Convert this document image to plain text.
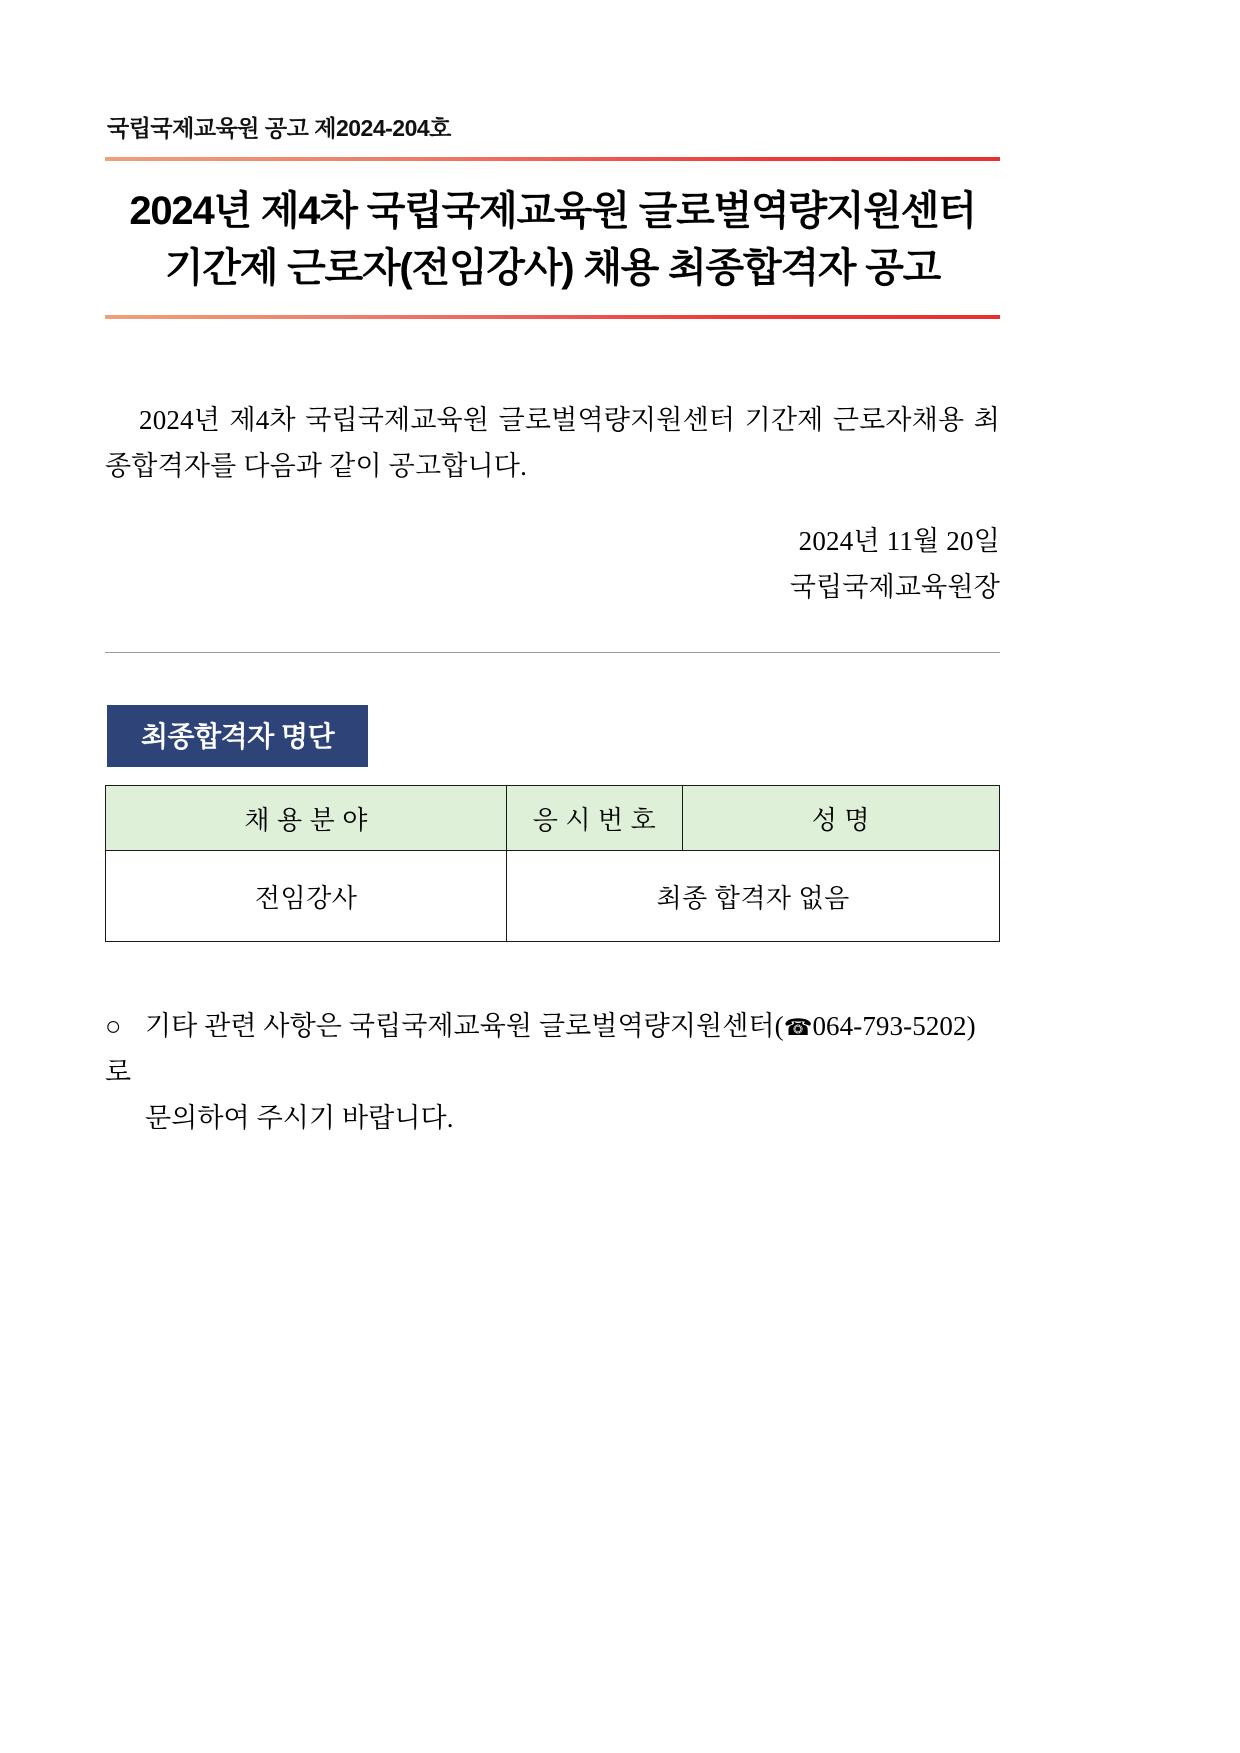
국립국제교육원 공고 제2024-204호
2024년 제4차 국립국제교육원 글로벌역량지원센터
기간제 근로자(전임강사) 채용 최종합격자 공고

2024년 제4차 국립국제교육원 글로벌역량지원센터 기간제 근로자채용 최종합격자를 다음과 같이 공고합니다.

2024년 11월 20일
국립국제교육원장
최종합격자 명단
채 용 분 야	응 시 번 호	성 명
전임강사	최종 합격자 없음	
○ 기타 관련 사항은 국립국제교육원 글로벌역량지원센터(☎064-793-5202)로
문의하여 주시기 바랍니다.
